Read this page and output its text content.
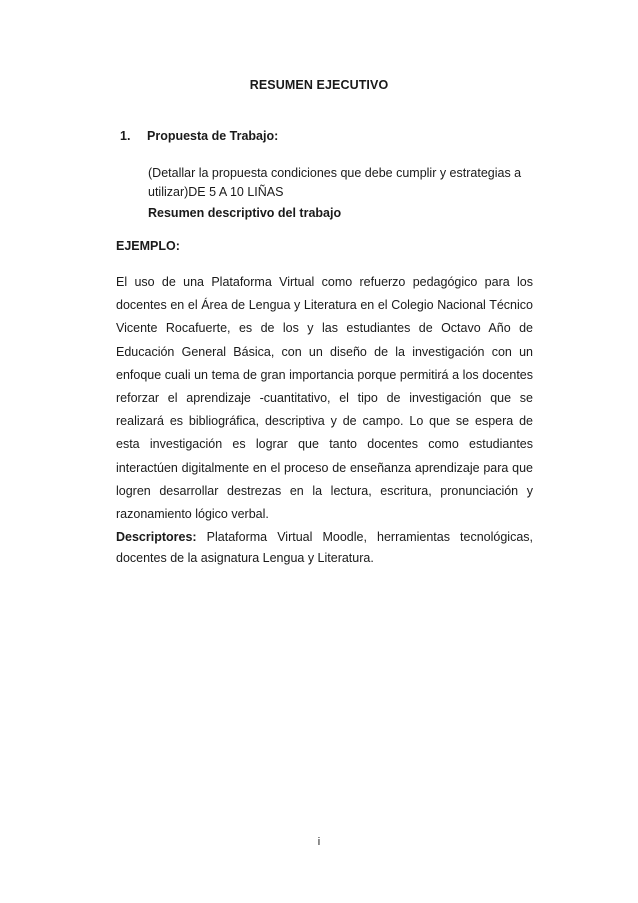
RESUMEN EJECUTIVO
1. Propuesta de Trabajo:
(Detallar la propuesta condiciones que debe cumplir y estrategias a utilizar)DE 5 A 10 LIÑAS
Resumen descriptivo del trabajo
EJEMPLO:
El uso de una Plataforma Virtual como refuerzo pedagógico para los docentes en el Área de Lengua y Literatura en el Colegio Nacional Técnico Vicente Rocafuerte, es de los y las estudiantes de Octavo Año de Educación General Básica, con un diseño de la investigación con un enfoque cuali un tema de gran importancia porque permitirá a los docentes reforzar el aprendizaje -cuantitativo, el tipo de investigación que se realizará es bibliográfica, descriptiva y de campo. Lo que se espera de esta investigación es lograr que tanto docentes como estudiantes interactúen digitalmente en el proceso de enseñanza aprendizaje para que logren desarrollar destrezas en la lectura, escritura, pronunciación y razonamiento lógico verbal.
Descriptores: Plataforma Virtual Moodle, herramientas tecnológicas, docentes de la asignatura Lengua y Literatura.
i
